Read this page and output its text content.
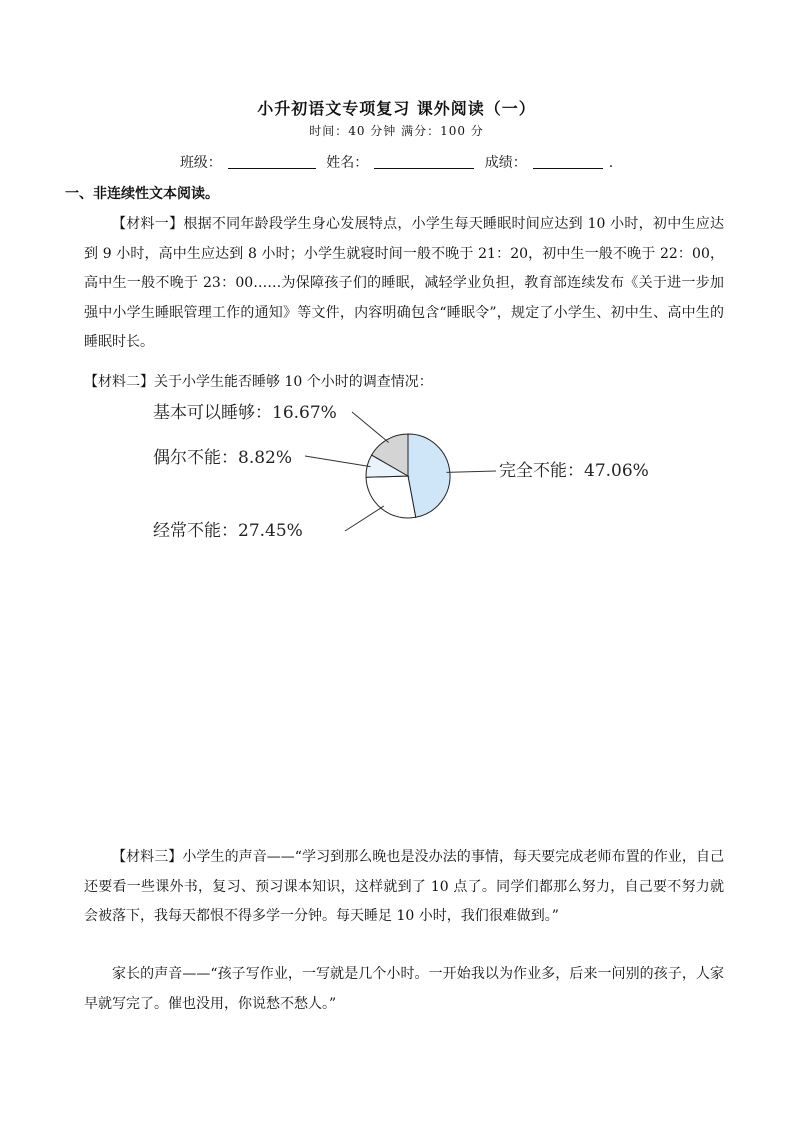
小升初语文专项复习 课外阅读（一）
时间：40 分钟 满分：100 分
班级：	姓名：	成绩：	.
一、非连续性文本阅读。

【材料一】根据不同年龄段学生身心发展特点，小学生每天睡眠时间应达到 10 小时，初中生应达到 9 小时，高中生应达到 8 小时；小学生就寝时间一般不晚于 21：20，初中生一般不晚于 22：00，高中生一般不晚于 23：00……为保障孩子们的睡眠，减轻学业负担，教育部连续发布《关于进一步加强中小学生睡眠管理工作的通知》等文件，内容明确包含“睡眠令”，规定了小学生、初中生、高中生的睡眠时长。

【材料二】关于小学生能否睡够 10 个小时的调查情况：

基本可以睡够：16.67%
偶尔不能：8.82%
完全不能：47.06%
经常不能：27.45%

【材料三】小学生的声音——“学习到那么晚也是没办法的事情，每天要完成老师布置的作业，自己还要看一些课外书，复习、预习课本知识，这样就到了 10 点了。同学们都那么努力，自己要不努力就会被落下，我每天都恨不得多学一分钟。每天睡足 10 小时，我们很难做到。”

家长的声音——“孩子写作业，一写就是几个小时。一开始我以为作业多，后来一问别的孩子，人家早就写完了。催也没用，你说愁不愁人。”
